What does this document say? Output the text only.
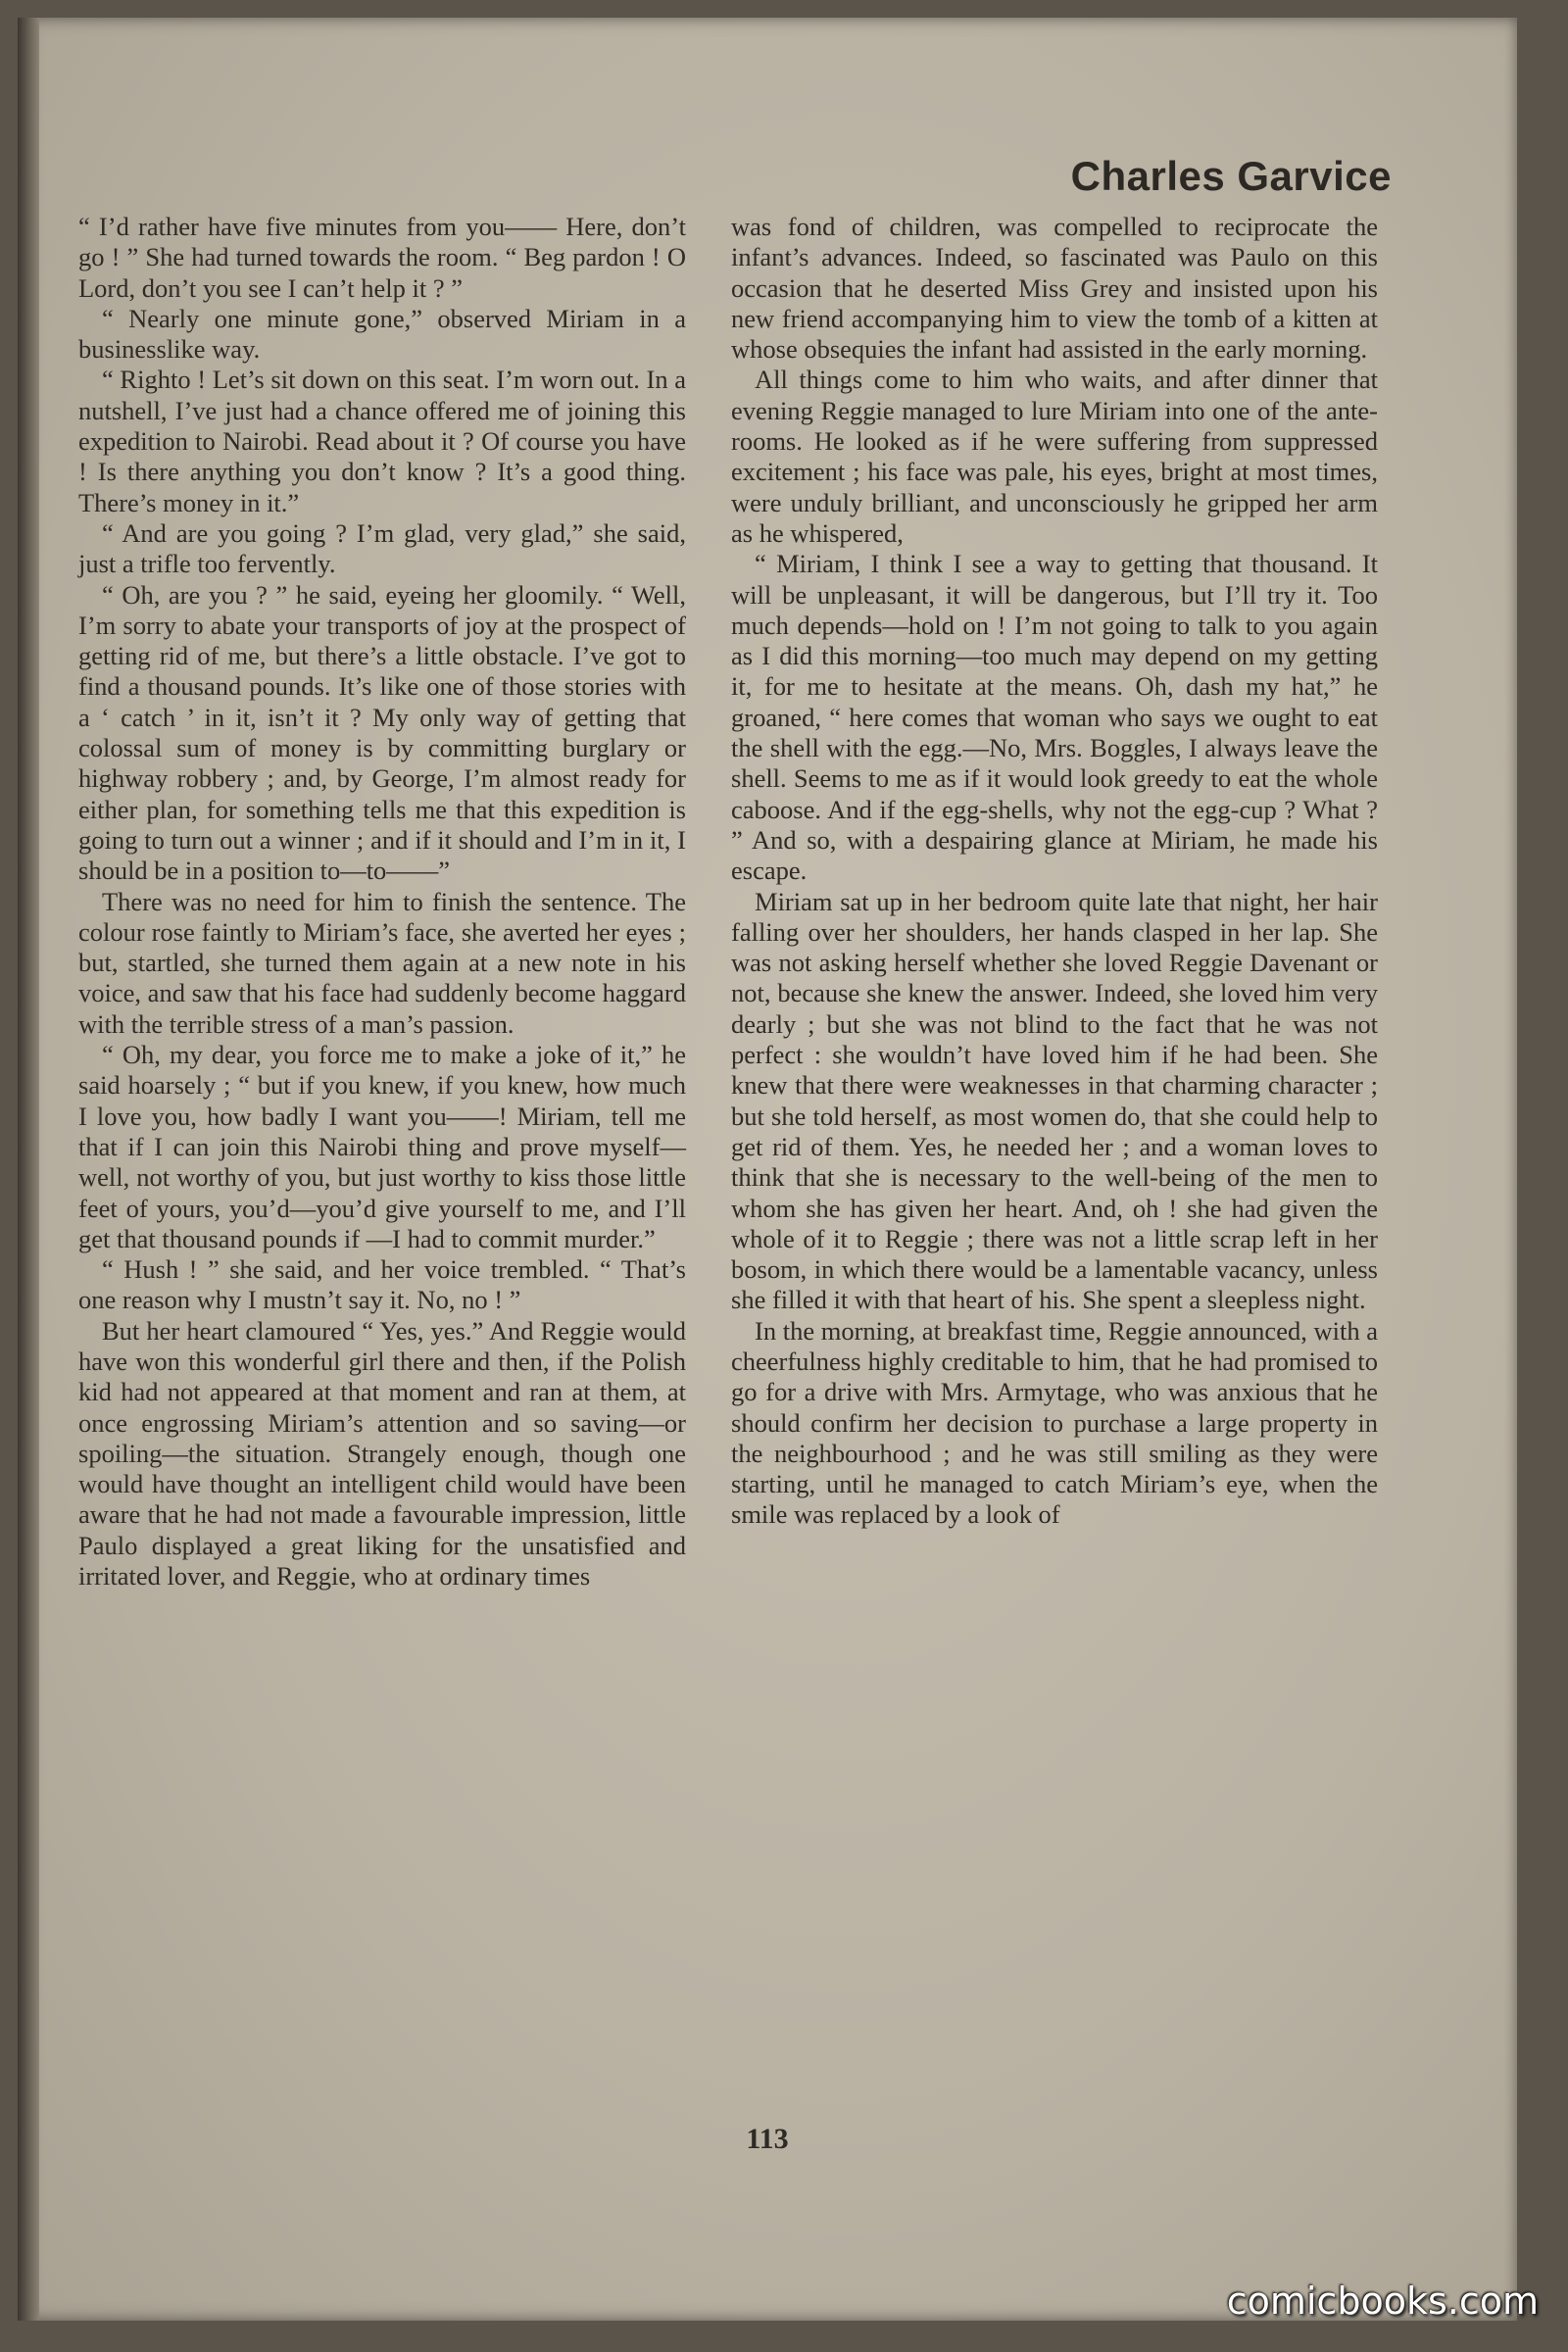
Charles Garvice

“ I’d rather have five minutes from you—— Here, don’t go ! ” She had turned towards the room. “ Beg pardon ! O Lord, don’t you see I can’t help it ? ”

“ Nearly one minute gone,” observed Miriam in a businesslike way.

“ Righto ! Let’s sit down on this seat. I’m worn out. In a nutshell, I’ve just had a chance offered me of joining this expedition to Nairobi. Read about it ? Of course you have ! Is there anything you don’t know ? It’s a good thing. There’s money in it.”

“ And are you going ? I’m glad, very glad,” she said, just a trifle too fervently.

“ Oh, are you ? ” he said, eyeing her gloomily. “ Well, I’m sorry to abate your transports of joy at the prospect of getting rid of me, but there’s a little obstacle. I’ve got to find a thousand pounds. It’s like one of those stories with a ‘ catch ’ in it, isn’t it ? My only way of getting that colossal sum of money is by committing burglary or highway robbery ; and, by George, I’m almost ready for either plan, for something tells me that this expedition is going to turn out a winner ; and if it should and I’m in it, I should be in a position to—to——”

There was no need for him to finish the sentence. The colour rose faintly to Miriam’s face, she averted her eyes ; but, startled, she turned them again at a new note in his voice, and saw that his face had suddenly become haggard with the terrible stress of a man’s passion.

“ Oh, my dear, you force me to make a joke of it,” he said hoarsely ; “ but if you knew, if you knew, how much I love you, how badly I want you——! Miriam, tell me that if I can join this Nairobi thing and prove myself—well, not worthy of you, but just worthy to kiss those little feet of yours, you’d—you’d give yourself to me, and I’ll get that thousand pounds if —I had to commit murder.”

“ Hush ! ” she said, and her voice trembled. “ That’s one reason why I mustn’t say it. No, no ! ”

But her heart clamoured “ Yes, yes.” And Reggie would have won this wonderful girl there and then, if the Polish kid had not appeared at that moment and ran at them, at once engrossing Miriam’s attention and so saving—or spoiling—the situation. Strangely enough, though one would have thought an intelligent child would have been aware that he had not made a favourable impression, little Paulo displayed a great liking for the unsatisfied and irritated lover, and Reggie, who at ordinary times

was fond of children, was compelled to reciprocate the infant’s advances. Indeed, so fascinated was Paulo on this occasion that he deserted Miss Grey and insisted upon his new friend accompanying him to view the tomb of a kitten at whose obsequies the infant had assisted in the early morning.

All things come to him who waits, and after dinner that evening Reggie managed to lure Miriam into one of the ante-rooms. He looked as if he were suffering from suppressed excitement ; his face was pale, his eyes, bright at most times, were unduly brilliant, and unconsciously he gripped her arm as he whispered,

“ Miriam, I think I see a way to getting that thousand. It will be unpleasant, it will be dangerous, but I’ll try it. Too much depends—hold on ! I’m not going to talk to you again as I did this morning—too much may depend on my getting it, for me to hesitate at the means. Oh, dash my hat,” he groaned, “ here comes that woman who says we ought to eat the shell with the egg.—No, Mrs. Boggles, I always leave the shell. Seems to me as if it would look greedy to eat the whole caboose. And if the egg-shells, why not the egg-cup ? What ? ” And so, with a despairing glance at Miriam, he made his escape.

Miriam sat up in her bedroom quite late that night, her hair falling over her shoulders, her hands clasped in her lap. She was not asking herself whether she loved Reggie Davenant or not, because she knew the answer. Indeed, she loved him very dearly ; but she was not blind to the fact that he was not perfect : she wouldn’t have loved him if he had been. She knew that there were weaknesses in that charming character ; but she told herself, as most women do, that she could help to get rid of them. Yes, he needed her ; and a woman loves to think that she is necessary to the well-being of the men to whom she has given her heart. And, oh ! she had given the whole of it to Reggie ; there was not a little scrap left in her bosom, in which there would be a lamentable vacancy, unless she filled it with that heart of his. She spent a sleepless night.

In the morning, at breakfast time, Reggie announced, with a cheerfulness highly creditable to him, that he had promised to go for a drive with Mrs. Armytage, who was anxious that he should confirm her decision to purchase a large property in the neighbourhood ; and he was still smiling as they were starting, until he managed to catch Miriam’s eye, when the smile was replaced by a look of

113
comicbooks.com
